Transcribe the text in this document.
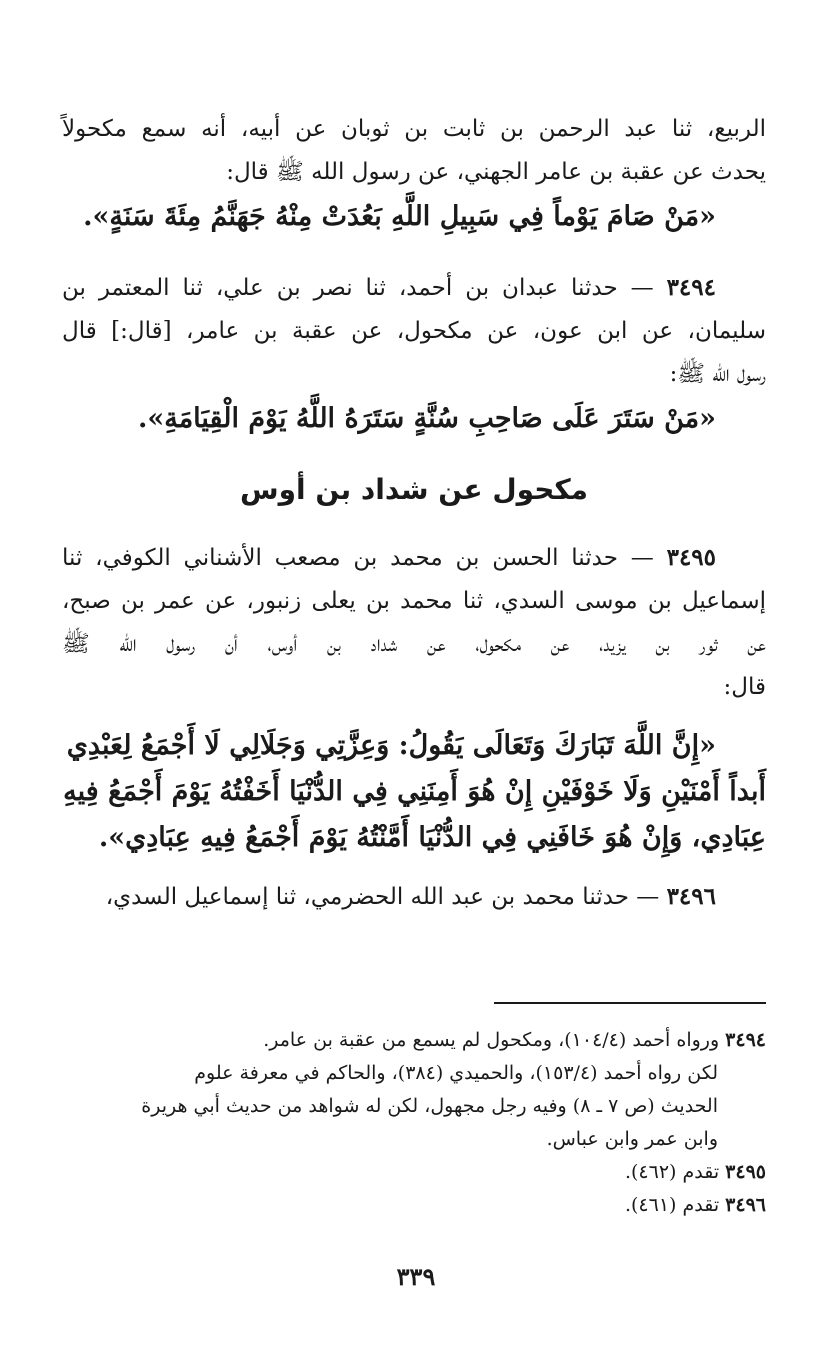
الربيع، ثنا عبد الرحمن بن ثابت بن ثوبان عن أبيه، أنه سمع مكحولاً
يحدث عن عقبة بن عامر الجهني، عن رسول الله ﷺ قال:
«مَنْ صَامَ يَوْماً فِي سَبِيلِ اللَّهِ بَعُدَتْ مِنْهُ جَهَنَّمُ مِئَةَ سَنَةٍ».
٣٤٩٤ — حدثنا عبدان بن أحمد، ثنا نصر بن علي، ثنا المعتمر بن
سليمان، عن ابن عون، عن مكحول، عن عقبة بن عامر، [قال:] قال
رسول الله ﷺ:
«مَنْ سَتَرَ عَلَى صَاحِبِ سُنَّةٍ سَتَرَهُ اللَّهُ يَوْمَ الْقِيَامَةِ».
مكحول عن شداد بن أوس
٣٤٩٥ — حدثنا الحسن بن محمد بن مصعب الأشناني الكوفي، ثنا
إسماعيل بن موسى السدي، ثنا محمد بن يعلى زنبور، عن عمر بن صبح،
عن ثور بن يزيد، عن مكحول، عن شداد بن أوس، أن رسول الله ﷺ
قال:
«إِنَّ اللَّهَ تَبَارَكَ وَتَعَالَى يَقُولُ: وَعِزَّتِي وَجَلَالِي لَا أَجْمَعُ لِعَبْدِي
أَبداً أَمْنَيْنِ وَلَا خَوْفَيْنِ إِنْ هُوَ أَمِنَنِي فِي الدُّنْيَا أَخَفْتُهُ يَوْمَ أَجْمَعُ فِيهِ
عِبَادِي، وَإِنْ هُوَ خَافَنِي فِي الدُّنْيَا أَمَّنْتُهُ يَوْمَ أَجْمَعُ فِيهِ عِبَادِي».
٣٤٩٦ — حدثنا محمد بن عبد الله الحضرمي، ثنا إسماعيل السدي،
٣٤٩٤ ورواه أحمد (١٠٤/٤)، ومكحول لم يسمع من عقبة بن عامر.
لكن رواه أحمد (١٥٣/٤)، والحميدي (٣٨٤)، والحاكم في معرفة علوم
الحديث (ص ٧ ـ ٨) وفيه رجل مجهول، لكن له شواهد من حديث أبي هريرة
وابن عمر وابن عباس.
٣٤٩٥ تقدم (٤٦٢).
٣٤٩٦ تقدم (٤٦١).
٣٣٩
